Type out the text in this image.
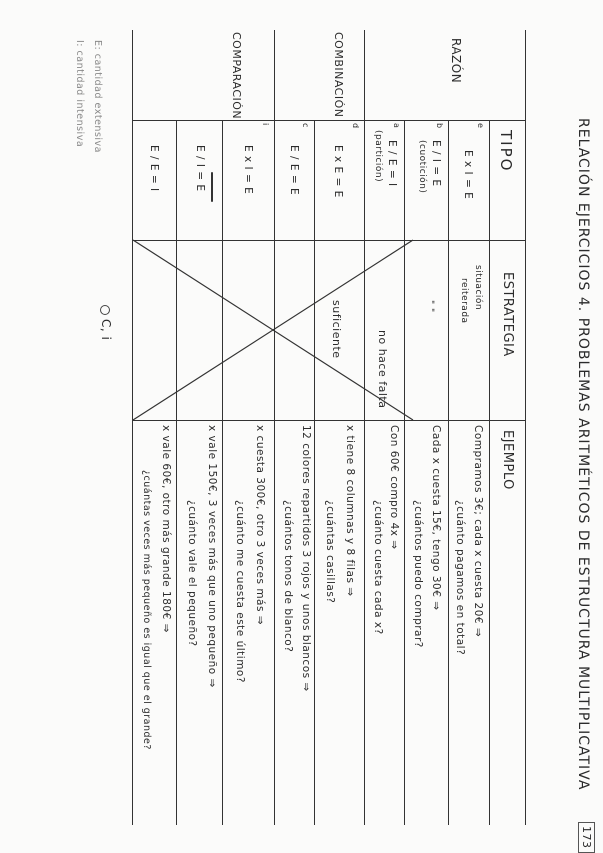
173
RELACIÓN EJERCICIOS 4. PROBLEMAS ARITMÉTICOS DE ESTRUCTURA MULTIPLICATIVA
TIPO
ESTRATEGIA
EJEMPLO
RAZÓN
COMBINACIÓN
COMPARACIÓN
e
E x I = E
situación
reiterada
Compramos 3€; cada x cuesta 20€ ⇒
¿cuánto pagamos en total?
b
E / I = E
(cuotición)
" "
Cada x cuesta 15€, tengo 30€ ⇒
¿cuántos puedo comprar?
a
E / E = I
(partición)
no hace falta
Con 60€ compro 4x ⇒
¿cuánto cuesta cada x?
d
E x E = E
suficiente
x tiene 8 columnas y 8 filas ⇒
¿cuántas casillas?
c
E / E = E
12 colores repartidos 3 rojos y unos blancos ⇒
¿cuántos tonos de blanco?
i
E x I = E
x cuesta 300€, otro 3 veces más ⇒
¿cuánto me cuesta este último?
E / I = E
x vale 150€, 3 veces más que uno pequeño ⇒
¿cuánto vale el pequeño?
E / E = I
x vale 60€, otro más grande 180€ ⇒
¿cuántas veces más pequeño es igual que el grande?
C, i
E: cantidad extensiva
I: cantidad intensiva
